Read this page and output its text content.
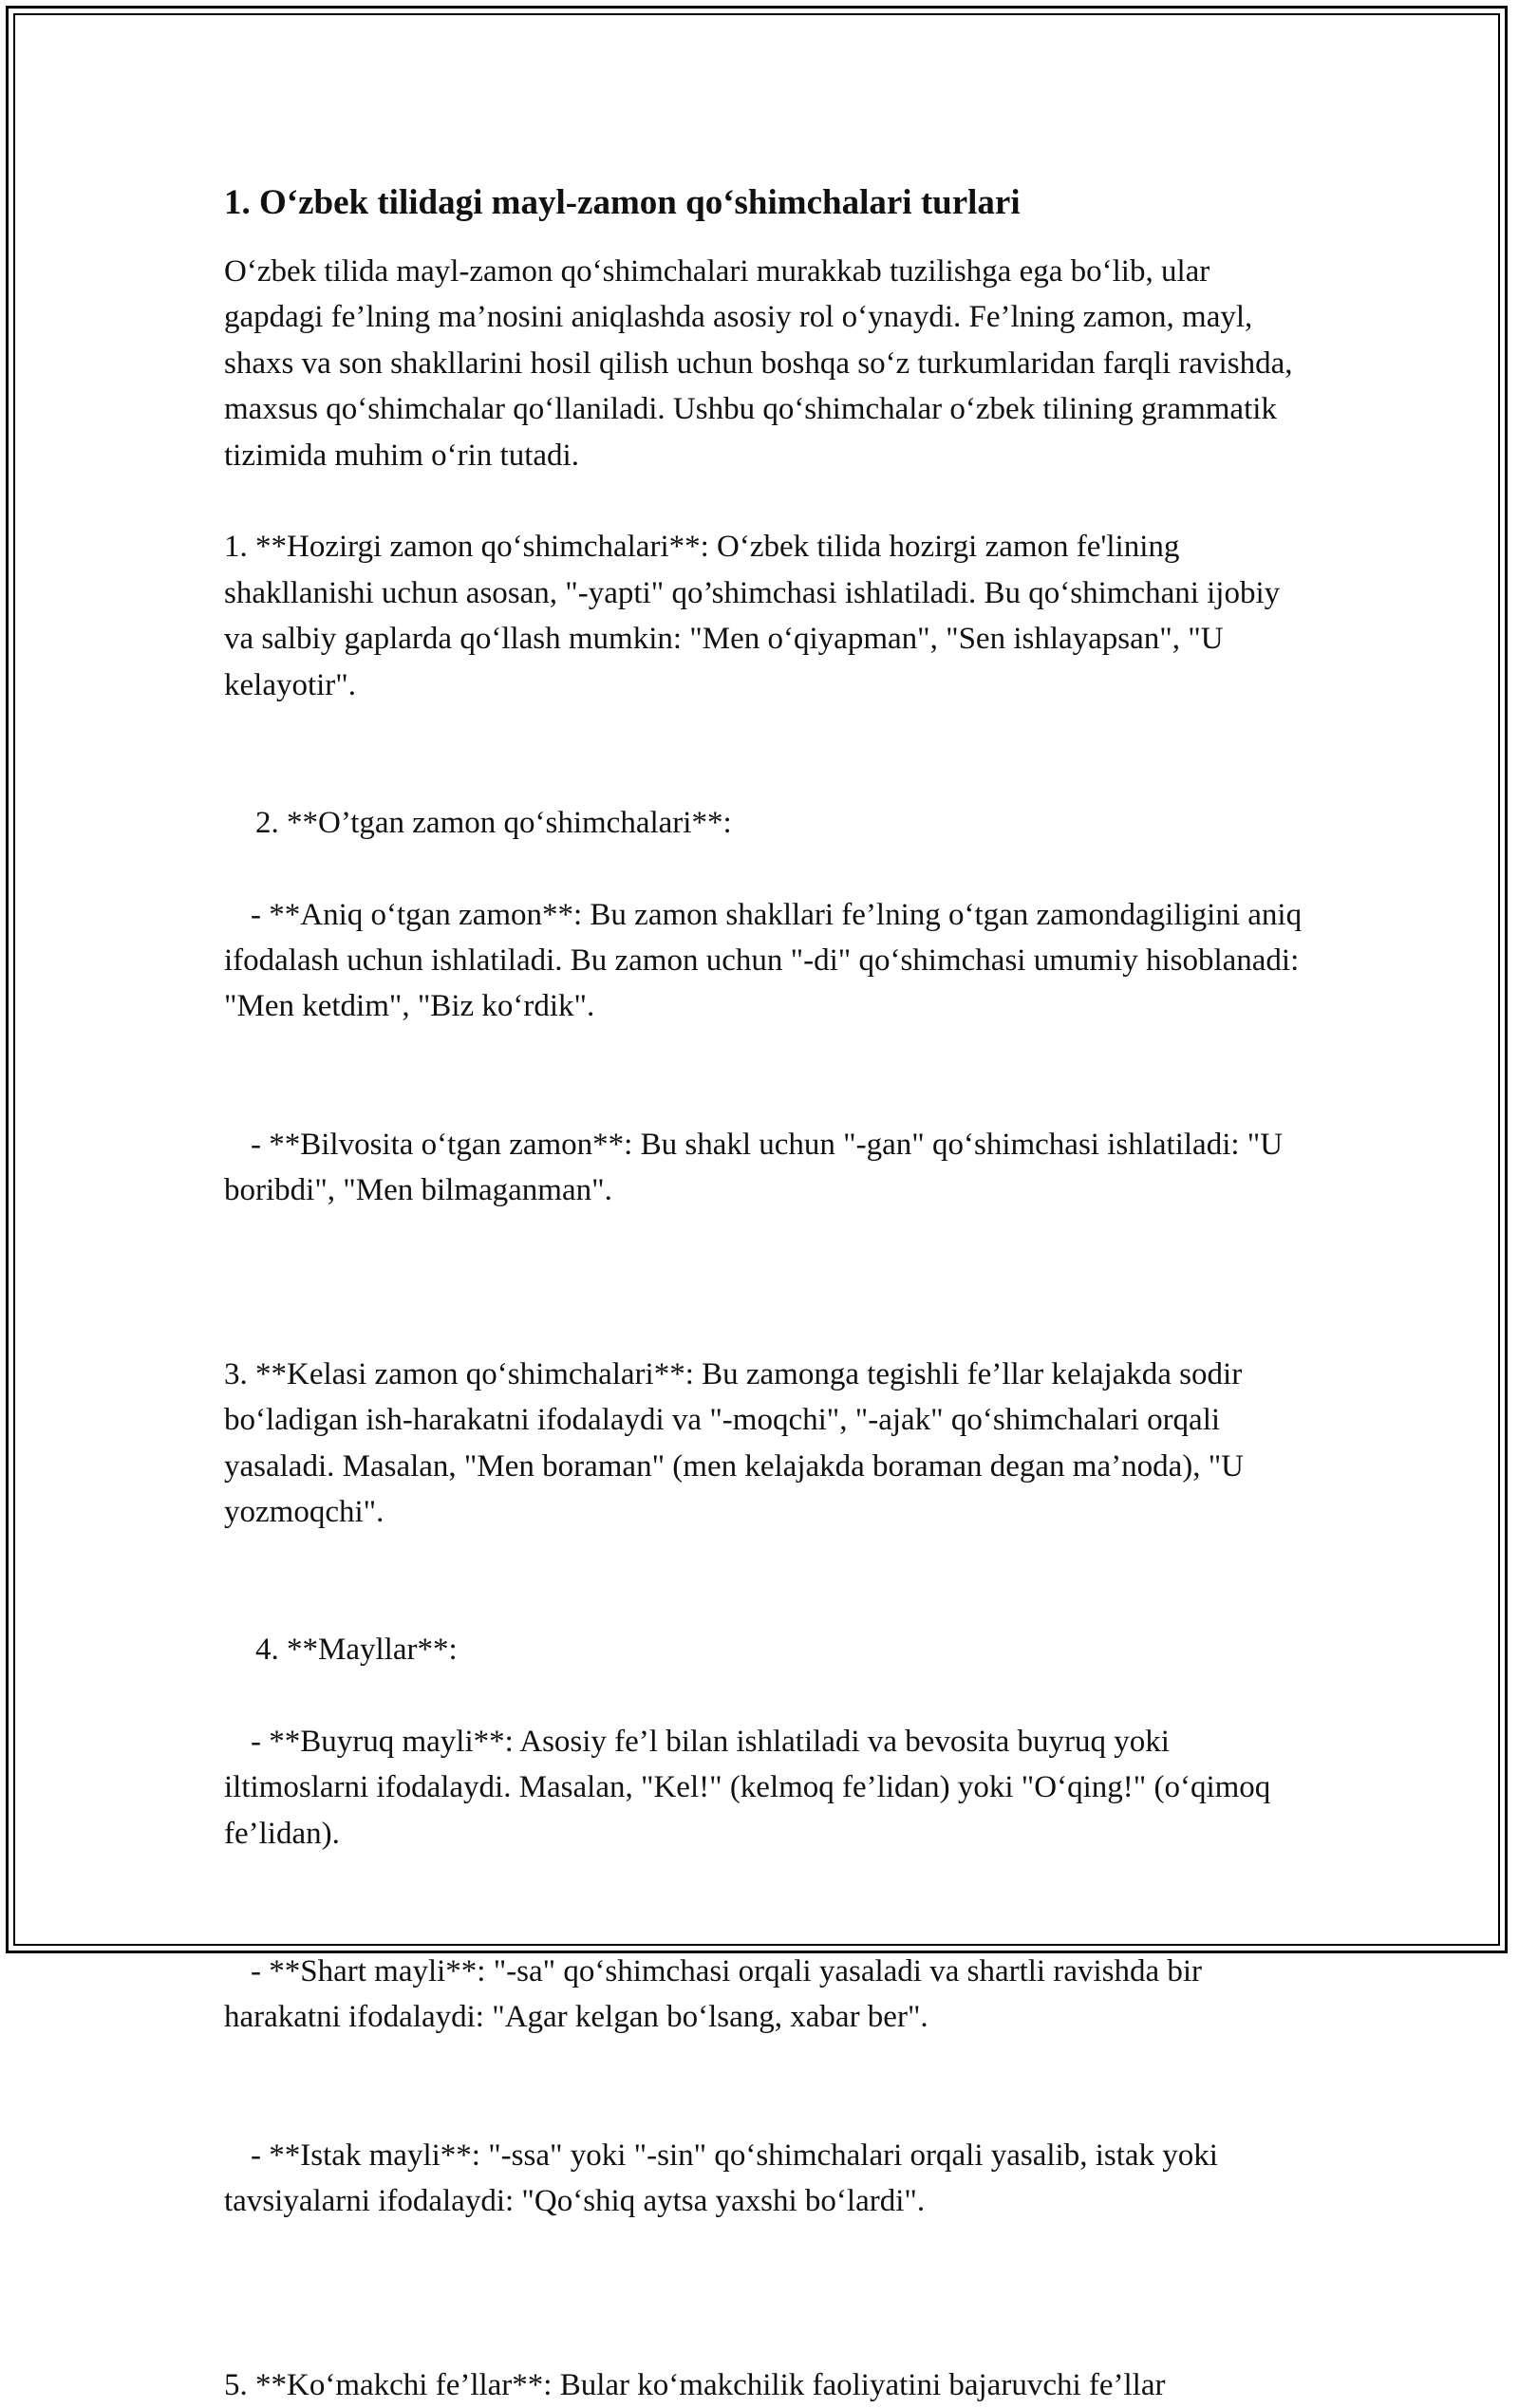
1. O‘zbek tilidagi mayl-zamon qo‘shimchalari turlari

O‘zbek tilida mayl-zamon qo‘shimchalari murakkab tuzilishga ega bo‘lib, ular gapdagi fe’lning ma’nosini aniqlashda asosiy rol o‘ynaydi. Fe’lning zamon, mayl, shaxs va son shakllarini hosil qilish uchun boshqa so‘z turkumlaridan farqli ravishda, maxsus qo‘shimchalar qo‘llaniladi. Ushbu qo‘shimchalar o‘zbek tilining grammatik tizimida muhim o‘rin tutadi.

1. **Hozirgi zamon qo‘shimchalari**: O‘zbek tilida hozirgi zamon fe'lining shakllanishi uchun asosan, "-yapti" qo’shimchasi ishlatiladi. Bu qo‘shimchani ijobiy va salbiy gaplarda qo‘llash mumkin: "Men o‘qiyapman", "Sen ishlayapsan", "U kelayotir".

2. **O’tgan zamon qo‘shimchalari**:

- **Aniq o‘tgan zamon**: Bu zamon shakllari fe’lning o‘tgan zamondagiligini aniq ifodalash uchun ishlatiladi. Bu zamon uchun "-di" qo‘shimchasi umumiy hisoblanadi: "Men ketdim", "Biz ko‘rdik".

- **Bilvosita o‘tgan zamon**: Bu shakl uchun "-gan" qo‘shimchasi ishlatiladi: "U boribdi", "Men bilmaganman".

3. **Kelasi zamon qo‘shimchalari**: Bu zamonga tegishli fe’llar kelajakda sodir bo‘ladigan ish-harakatni ifodalaydi va "-moqchi", "-ajak" qo‘shimchalari orqali yasaladi. Masalan, "Men boraman" (men kelajakda boraman degan ma’noda), "U yozmoqchi".

4. **Mayllar**:

- **Buyruq mayli**: Asosiy fe’l bilan ishlatiladi va bevosita buyruq yoki iltimoslarni ifodalaydi. Masalan, "Kel!" (kelmoq fe’lidan) yoki "O‘qing!" (o‘qimoq fe’lidan).

- **Shart mayli**: "-sa" qo‘shimchasi orqali yasaladi va shartli ravishda bir harakatni ifodalaydi: "Agar kelgan bo‘lsang, xabar ber".

- **Istak mayli**: "-ssa" yoki "-sin" qo‘shimchalari orqali yasalib, istak yoki tavsiyalarni ifodalaydi: "Qo‘shiq aytsa yaxshi bo‘lardi".

5. **Ko‘makchi fe’llar**: Bular ko‘makchilik faoliyatini bajaruvchi fe’llar
